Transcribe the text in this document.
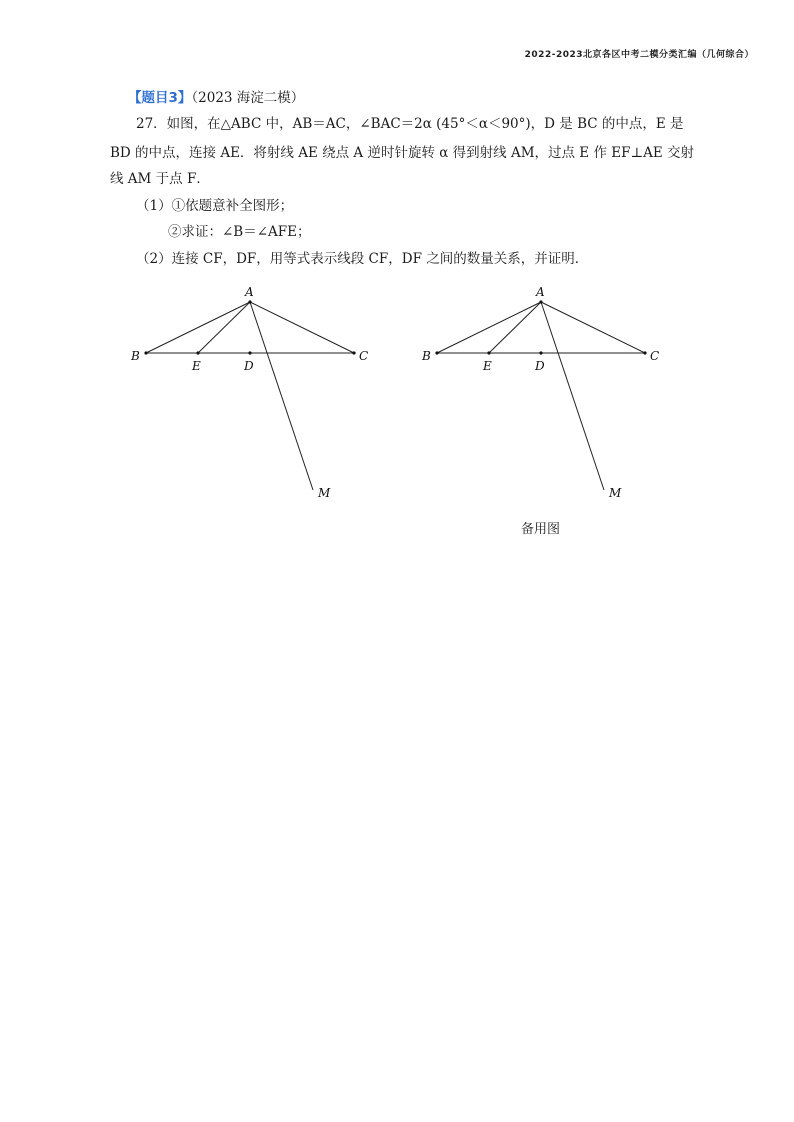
2022-2023北京各区中考二模分类汇编（几何综合）
【题目3】（2023 海淀二模）
27．如图，在△ABC 中，AB＝AC，∠BAC＝2α (45°＜α＜90°)，D 是 BC 的中点，E 是
BD 的中点，连接 AE．将射线 AE 绕点 A 逆时针旋转 α 得到射线 AM，过点 E 作 EF⊥AE 交射
线 AM 于点 F．
（1）①依题意补全图形；
②求证：∠B＝∠AFE；
（2）连接 CF，DF，用等式表示线段 CF，DF 之间的数量关系，并证明．
A
B	C
E	D
M
A
B	C
E	D
M
备用图
